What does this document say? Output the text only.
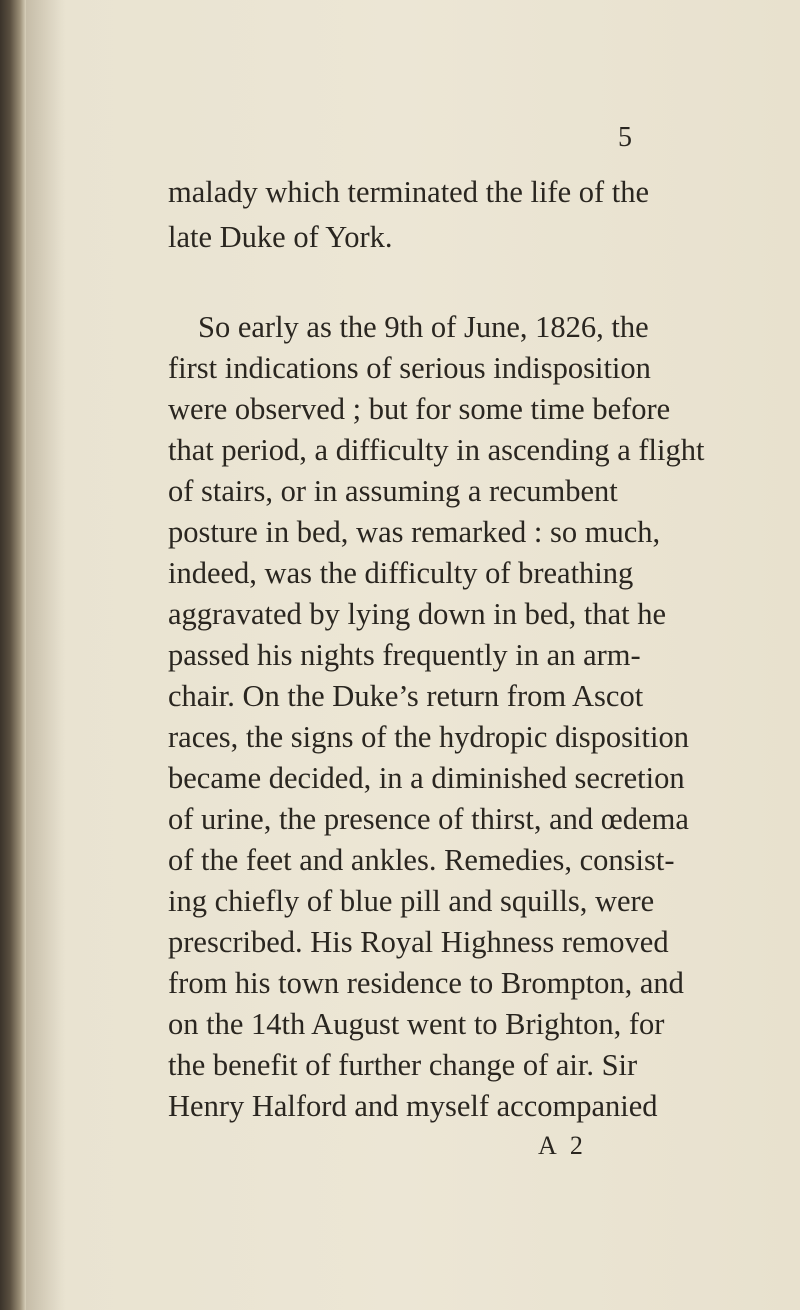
5
malady which terminated the life of the
late Duke of York.
So early as the 9th of June, 1826, the
first indications of serious indisposition
were observed ; but for some time before
that period, a difficulty in ascending a flight
of stairs, or in assuming a recumbent
posture in bed, was remarked : so much,
indeed, was the difficulty of breathing
aggravated by lying down in bed, that he
passed his nights frequently in an arm-
chair. On the Duke’s return from Ascot
races, the signs of the hydropic disposition
became decided, in a diminished secretion
of urine, the presence of thirst, and œdema
of the feet and ankles. Remedies, consist-
ing chiefly of blue pill and squills, were
prescribed. His Royal Highness removed
from his town residence to Brompton, and
on the 14th August went to Brighton, for
the benefit of further change of air. Sir
Henry Halford and myself accompanied
A 2
